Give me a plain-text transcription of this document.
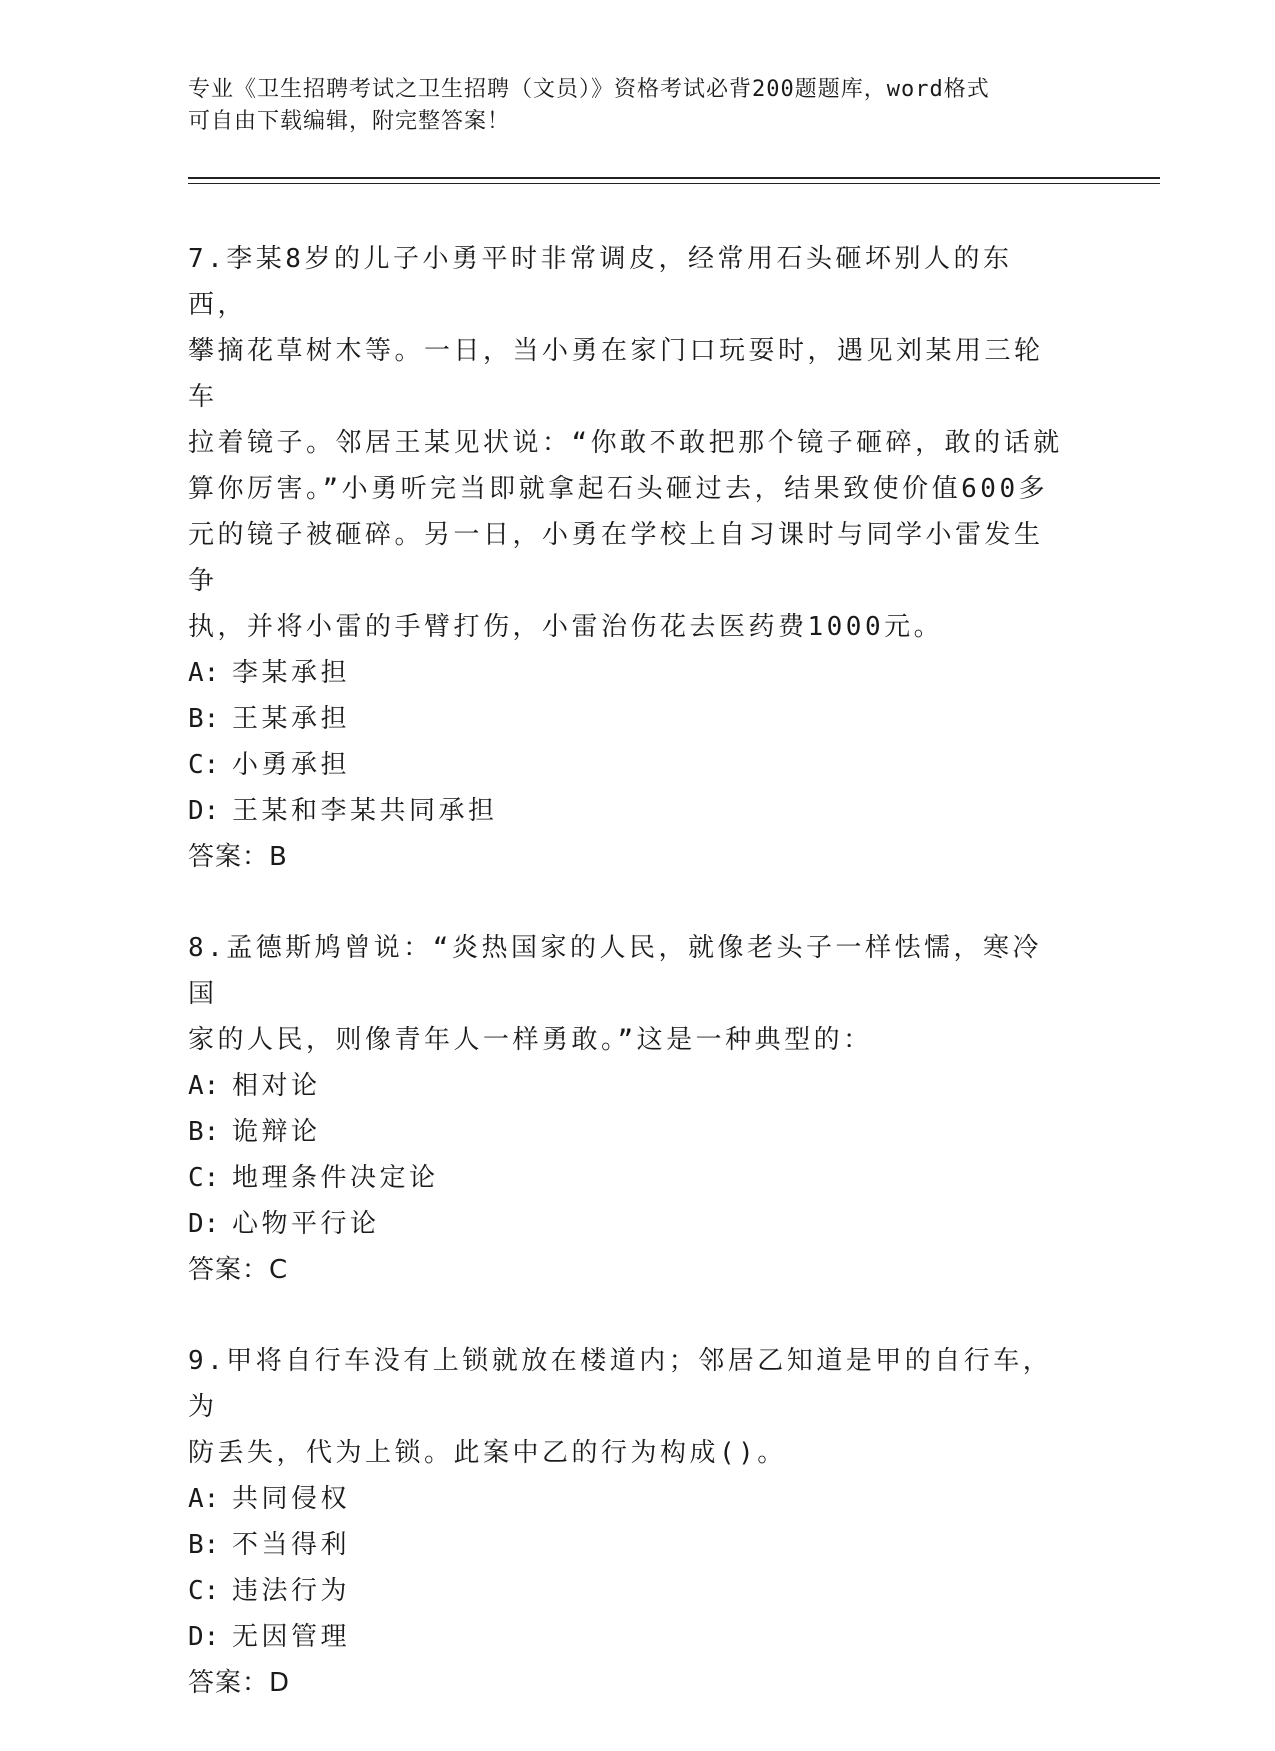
专业《卫生招聘考试之卫生招聘（文员）》资格考试必背200题题库，word格式
可自由下载编辑，附完整答案！
7.李某8岁的儿子小勇平时非常调皮，经常用石头砸坏别人的东西，
攀摘花草树木等。一日，当小勇在家门口玩耍时，遇见刘某用三轮车
拉着镜子。邻居王某见状说：“你敢不敢把那个镜子砸碎，敢的话就
算你厉害。”小勇听完当即就拿起石头砸过去，结果致使价值600多
元的镜子被砸碎。另一日，小勇在学校上自习课时与同学小雷发生争
执，并将小雷的手臂打伤，小雷治伤花去医药费1000元。
A: 李某承担
B: 王某承担
C: 小勇承担
D: 王某和李某共同承担
答案：B
8.孟德斯鸠曾说：“炎热国家的人民，就像老头子一样怯懦，寒冷国
家的人民，则像青年人一样勇敢。”这是一种典型的：
A: 相对论
B: 诡辩论
C: 地理条件决定论
D: 心物平行论
答案：C
9.甲将自行车没有上锁就放在楼道内；邻居乙知道是甲的自行车，为
防丢失，代为上锁。此案中乙的行为构成()。
A: 共同侵权
B: 不当得利
C: 违法行为
D: 无因管理
答案：D
